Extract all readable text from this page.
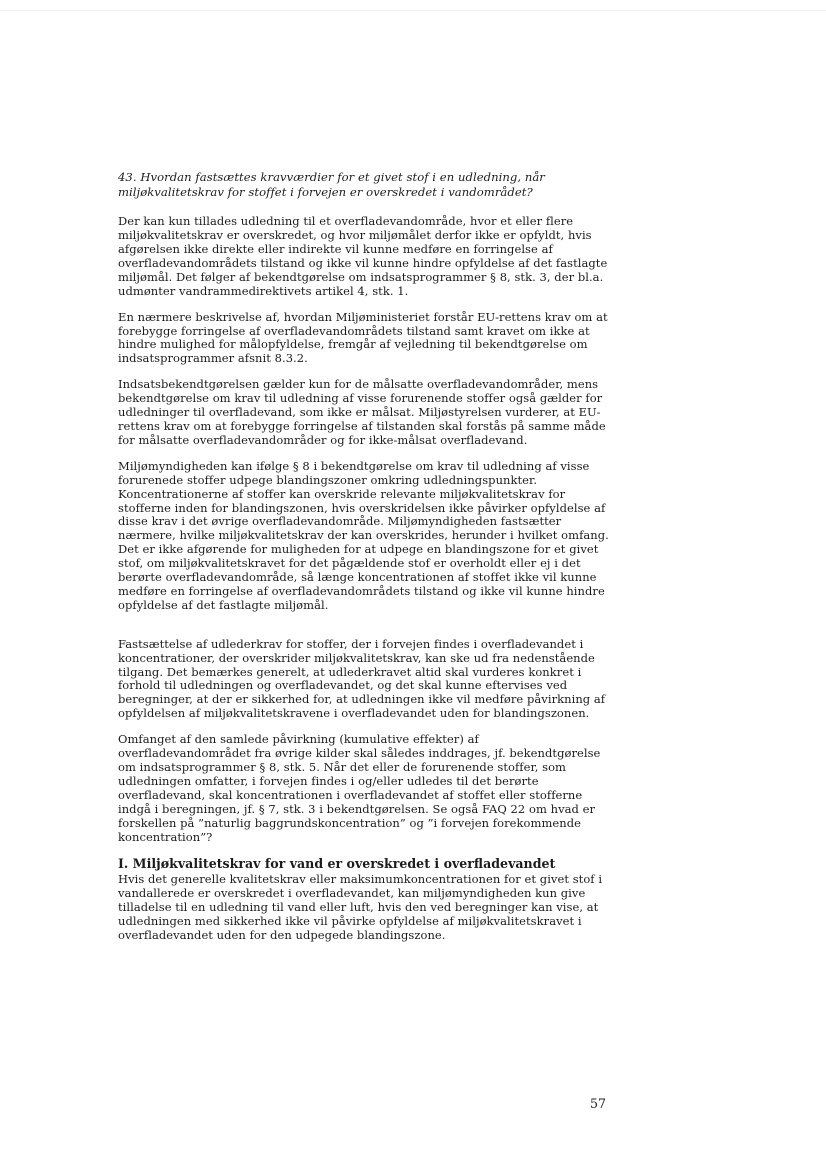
43. Hvordan fastsættes kravværdier for et givet stof i en udledning, når miljøkvalitetskrav for stoffet i forvejen er overskredet i vandområdet?

Der kan kun tillades udledning til et overfladevandområde, hvor et eller flere miljøkvalitetskrav er overskredet, og hvor miljømålet derfor ikke er opfyldt, hvis afgørelsen ikke direkte eller indirekte vil kunne medføre en forringelse af overfladevandområdets tilstand og ikke vil kunne hindre opfyldelse af det fastlagte miljømål. Det følger af bekendtgørelse om indsatsprogrammer § 8, stk. 3, der bl.a. udmønter vandrammedirektivets artikel 4, stk. 1.

En nærmere beskrivelse af, hvordan Miljøministeriet forstår EU-rettens krav om at forebygge forringelse af overfladevandområdets tilstand samt kravet om ikke at hindre mulighed for målopfyldelse, fremgår af vejledning til bekendtgørelse om indsatsprogrammer afsnit 8.3.2.

Indsatsbekendtgørelsen gælder kun for de målsatte overfladevandområder, mens bekendtgørelse om krav til udledning af visse forurenende stoffer også gælder for udledninger til overfladevand, som ikke er målsat. Miljøstyrelsen vurderer, at EU-rettens krav om at forebygge forringelse af tilstanden skal forstås på samme måde for målsatte overfladevandområder og for ikke-målsat overfladevand.

Miljømyndigheden kan ifølge § 8 i bekendtgørelse om krav til udledning af visse forurenede stoffer udpege blandingszoner omkring udledningspunkter. Koncentrationerne af stoffer kan overskride relevante miljøkvalitetskrav for stofferne inden for blandingszonen, hvis overskridelsen ikke påvirker opfyldelse af disse krav i det øvrige overfladevandområde. Miljømyndigheden fastsætter nærmere, hvilke miljøkvalitetskrav der kan overskrides, herunder i hvilket omfang. Det er ikke afgørende for muligheden for at udpege en blandingszone for et givet stof, om miljøkvalitetskravet for det pågældende stof er overholdt eller ej i det berørte overfladevandområde, så længe koncentrationen af stoffet ikke vil kunne medføre en forringelse af overfladevandområdets tilstand og ikke vil kunne hindre opfyldelse af det fastlagte miljømål.

Fastsættelse af udlederkrav for stoffer, der i forvejen findes i overfladevandet i koncentrationer, der overskrider miljøkvalitetskrav, kan ske ud fra nedenstående tilgang. Det bemærkes generelt, at udlederkravet altid skal vurderes konkret i forhold til udledningen og overfladevandet, og det skal kunne eftervises ved beregninger, at der er sikkerhed for, at udledningen ikke vil medføre påvirkning af opfyldelsen af miljøkvalitetskravene i overfladevandet uden for blandingszonen.

Omfanget af den samlede påvirkning (kumulative effekter) af overfladevandområdet fra øvrige kilder skal således inddrages, jf. bekendtgørelse om indsatsprogrammer § 8, stk. 5. Når det eller de forurenende stoffer, som udledningen omfatter, i forvejen findes i og/eller udledes til det berørte overfladevand, skal koncentrationen i overfladevandet af stoffet eller stofferne indgå i beregningen, jf. § 7, stk. 3 i bekendtgørelsen. Se også FAQ 22 om hvad er forskellen på ”naturlig baggrundskoncentration” og ”i forvejen forekommende koncentration”?

I. Miljøkvalitetskrav for vand er overskredet i overfladevandet

Hvis det generelle kvalitetskrav eller maksimumkoncentrationen for et givet stof i vandallerede er overskredet i overfladevandet, kan miljømyndigheden kun give tilladelse til en udledning til vand eller luft, hvis den ved beregninger kan vise, at udledningen med sikkerhed ikke vil påvirke opfyldelse af miljøkvalitetskravet i overfladevandet uden for den udpegede blandingszone.

57
